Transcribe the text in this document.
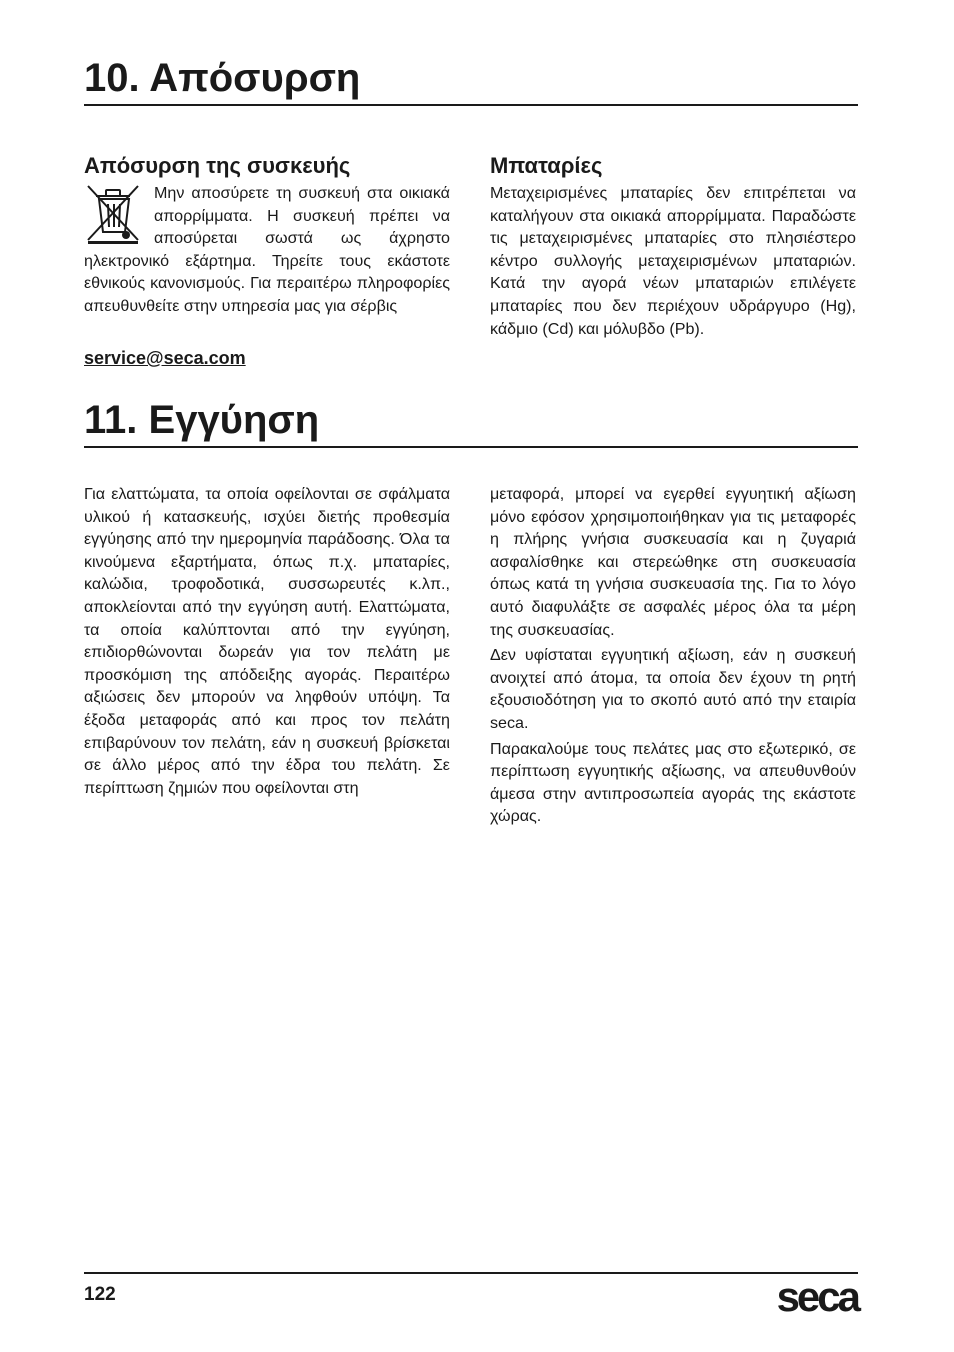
10. Απόσυρση
Απόσυρση της συσκευής
Μην αποσύρετε τη συσκευή στα οικιακά απορρίμματα. Η συσκευή πρέπει να αποσύρεται σωστά ως άχρηστο ηλεκτρονικό εξάρτημα. Τηρείτε τους εκάστοτε εθνικούς κανονισμούς. Για περαιτέρω πληροφορίες απευθυνθείτε στην υπηρεσία μας για σέρβις
service@seca.com
Μπαταρίες
Μεταχειρισμένες μπαταρίες δεν επιτρέπεται να καταλήγουν στα οικιακά απορρίμματα. Παραδώστε τις μεταχειρισμένες μπαταρίες στο πλησιέστερο κέντρο συλλογής μεταχειρισμένων μπαταριών. Κατά την αγορά νέων μπαταριών επιλέγετε μπαταρίες που δεν περιέχουν υδράργυρο (Hg), κάδμιο (Cd) και μόλυβδο (Pb).
11. Εγγύηση
Για ελαττώματα, τα οποία οφείλονται σε σφάλματα υλικού ή κατασκευής, ισχύει διετής προθεσμία εγγύησης από την ημερομηνία παράδοσης. Όλα τα κινούμενα εξαρτήματα, όπως π.χ. μπαταρίες, καλώδια, τροφοδοτικά, συσσωρευτές κ.λπ., αποκλείονται από την εγγύηση αυτή. Ελαττώματα, τα οποία καλύπτονται από την εγγύηση, επιδιορθώνονται δωρεάν για τον πελάτη με προσκόμιση της απόδειξης αγοράς. Περαιτέρω αξιώσεις δεν μπορούν να ληφθούν υπόψη. Τα έξοδα μεταφοράς από και προς τον πελάτη επιβαρύνουν τον πελάτη, εάν η συσκευή βρίσκεται σε άλλο μέρος από την έδρα του πελάτη. Σε περίπτωση ζημιών που οφείλονται στη

μεταφορά, μπορεί να εγερθεί εγγυητική αξίωση μόνο εφόσον χρησιμοποιήθηκαν για τις μεταφορές η πλήρης γνήσια συσκευασία και η ζυγαριά ασφαλίσθηκε και στερεώθηκε στη συσκευασία όπως κατά τη γνήσια συσκευασία της. Για το λόγο αυτό διαφυλάξτε σε ασφαλές μέρος όλα τα μέρη της συσκευασίας.

Δεν υφίσταται εγγυητική αξίωση, εάν η συσκευή ανοιχτεί από άτομα, τα οποία δεν έχουν τη ρητή εξουσιοδότηση για το σκοπό αυτό από την εταιρία seca.

Παρακαλούμε τους πελάτες μας στο εξωτερικό, σε περίπτωση εγγυητικής αξίωσης, να απευθυνθούν άμεσα στην αντιπροσωπεία αγοράς της εκάστοτε χώρας.

122	seca
